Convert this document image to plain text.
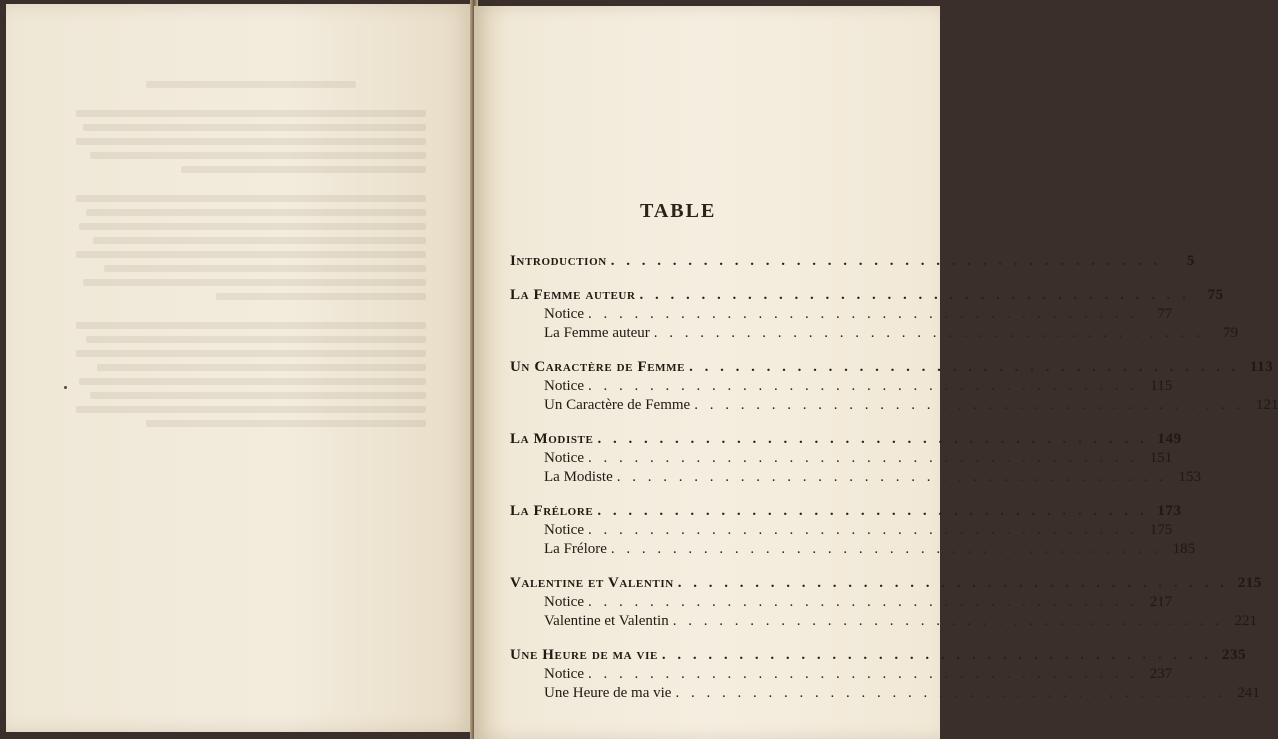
TABLE
Introduction . . . . . . . . . . . . . . . . . . . . . . . . . . . . . . . . . . . .	5
La Femme auteur . . . . . . . . . . . . . . . . . . . . . . . . . . . . . . . . . . . .	75
Notice . . . . . . . . . . . . . . . . . . . . . . . . . . . . . . . . . . . .	77
La Femme auteur . . . . . . . . . . . . . . . . . . . . . . . . . . . . . . . . . . . .	79
Un Caractère de Femme . . . . . . . . . . . . . . . . . . . . . . . . . . . . . . . . . . . . 113
Notice . . . . . . . . . . . . . . . . . . . . . . . . . . . . . . . . . . . . 115
Un Caractère de Femme . . . . . . . . . . . . . . . . . . . . . . . . . . . . . . . . . . . . 121
La Modiste . . . . . . . . . . . . . . . . . . . . . . . . . . . . . . . . . . . . 149
Notice . . . . . . . . . . . . . . . . . . . . . . . . . . . . . . . . . . . . 151
La Modiste . . . . . . . . . . . . . . . . . . . . . . . . . . . . . . . . . . . . 153
La Frélore . . . . . . . . . . . . . . . . . . . . . . . . . . . . . . . . . . . . 173
Notice . . . . . . . . . . . . . . . . . . . . . . . . . . . . . . . . . . . . 175
La Frélore . . . . . . . . . . . . . . . . . . . . . . . . . . . . . . . . . . . . 185
Valentine et Valentin . . . . . . . . . . . . . . . . . . . . . . . . . . . . . . . . . . . . 215
Notice . . . . . . . . . . . . . . . . . . . . . . . . . . . . . . . . . . . . 217
Valentine et Valentin . . . . . . . . . . . . . . . . . . . . . . . . . . . . . . . . . . . . 221
Une Heure de ma vie . . . . . . . . . . . . . . . . . . . . . . . . . . . . . . . . . . . . 235
Notice . . . . . . . . . . . . . . . . . . . . . . . . . . . . . . . . . . . . 237
Une Heure de ma vie . . . . . . . . . . . . . . . . . . . . . . . . . . . . . . . . . . . . 241
